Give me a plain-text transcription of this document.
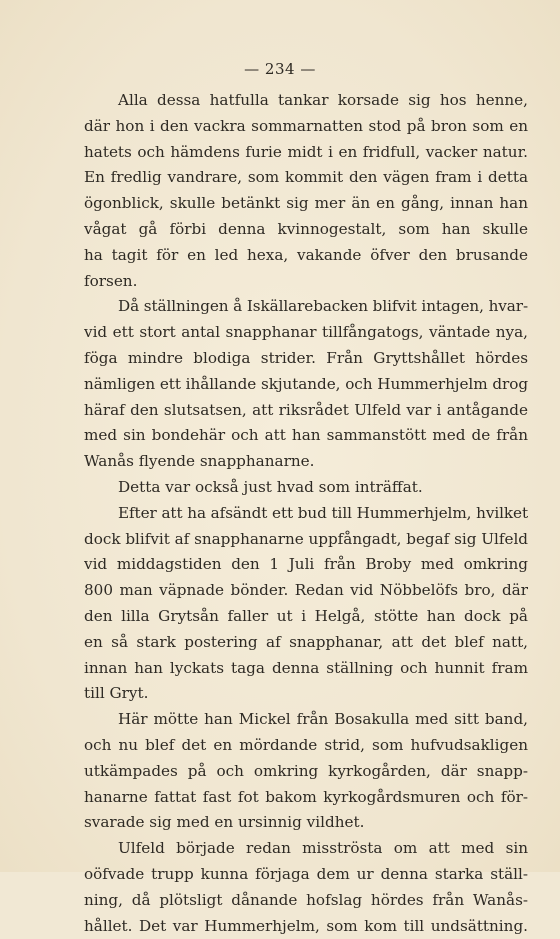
— 234 —
Alla dessa hatfulla tankar korsade sig hos henne,
där hon i den vackra sommarnatten stod på bron som en
hatets och hämdens furie midt i en fridfull, vacker natur.
En fredlig vandrare, som kommit den vägen fram i detta
ögonblick, skulle betänkt sig mer än en gång, innan han
vågat gå förbi denna kvinnogestalt, som han skulle
ha tagit för en led hexa, vakande öfver den brusande
forsen.
Då ställningen å Iskällarebacken blifvit intagen, hvar-
vid ett stort antal snapphanar tillfångatogs, väntade nya,
föga mindre blodiga strider. Från Gryttshållet hördes
nämligen ett ihållande skjutande, och Hummerhjelm drog
häraf den slutsatsen, att riksrådet Ulfeld var i antågande
med sin bondehär och att han sammanstött med de från
Wanås flyende snapphanarne.
Detta var också just hvad som inträffat.
Efter att ha afsändt ett bud till Hummerhjelm, hvilket
dock blifvit af snapphanarne uppfångadt, begaf sig Ulfeld
vid middagstiden den 1 Juli från Broby med omkring
800 man väpnade bönder. Redan vid Nöbbelöfs bro, där
den lilla Grytsån faller ut i Helgå, stötte han dock på
en så stark postering af snapphanar, att det blef natt,
innan han lyckats taga denna ställning och hunnit fram
till Gryt.
Här mötte han Mickel från Bosakulla med sitt band,
och nu blef det en mördande strid, som hufvudsakligen
utkämpades på och omkring kyrkogården, där snapp-
hanarne fattat fast fot bakom kyrkogårdsmuren och för-
svarade sig med en ursinnig vildhet.
Ulfeld började redan misströsta om att med sin
oöfvade trupp kunna förjaga dem ur denna starka ställ-
ning, då plötsligt dånande hofslag hördes från Wanås-
hållet. Det var Hummerhjelm, som kom till undsättning.
